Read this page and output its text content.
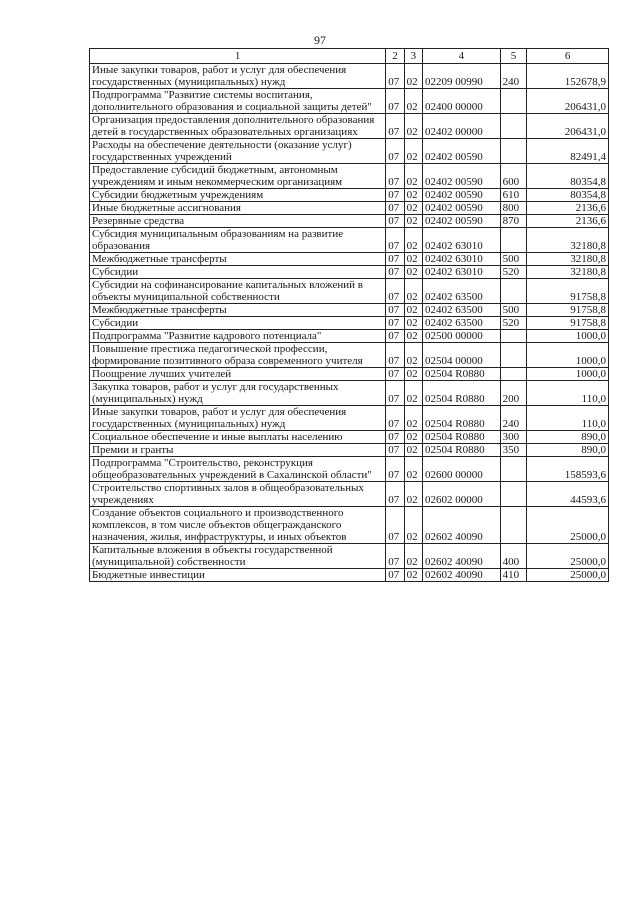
97
1	2	3	4	5	6
Иные закупки товаров, работ и услуг для обеспечения государственных (муниципальных) нужд	07	02	02209 00990	240	152678,9
Подпрограмма "Развитие системы воспитания, дополнительного образования и социальной защиты детей"	07	02	02400 00000		206431,0
Организация предоставления дополнительного образования детей в государственных образовательных организациях	07	02	02402 00000		206431,0
Расходы на обеспечение деятельности (оказание услуг) государственных учреждений	07	02	02402 00590		82491,4
Предоставление субсидий бюджетным, автономным учреждениям и иным некоммерческим организациям	07	02	02402 00590	600	80354,8
Субсидии бюджетным учреждениям	07	02	02402 00590	610	80354,8
Иные бюджетные ассигнования	07	02	02402 00590	800	2136,6
Резервные средства	07	02	02402 00590	870	2136,6
Субсидия муниципальным образованиям на развитие образования	07	02	02402 63010		32180,8
Межбюджетные трансферты	07	02	02402 63010	500	32180,8
Субсидии	07	02	02402 63010	520	32180,8
Субсидии на софинансирование капитальных вложений в объекты муниципальной собственности	07	02	02402 63500		91758,8
Межбюджетные трансферты	07	02	02402 63500	500	91758,8
Субсидии	07	02	02402 63500	520	91758,8
Подпрограмма "Развитие кадрового потенциала"	07	02	02500 00000		1000,0
Повышение престижа педагогической профессии, формирование позитивного образа современного учителя	07	02	02504 00000		1000,0
Поощрение лучших учителей	07	02	02504 R0880		1000,0
Закупка товаров, работ и услуг для государственных (муниципальных) нужд	07	02	02504 R0880	200	110,0
Иные закупки товаров, работ и услуг для обеспечения государственных (муниципальных) нужд	07	02	02504 R0880	240	110,0
Социальное обеспечение и иные выплаты населению	07	02	02504 R0880	300	890,0
Премии и гранты	07	02	02504 R0880	350	890,0
Подпрограмма "Строительство, реконструкция общеобразовательных учреждений в Сахалинской области"	07	02	02600 00000		158593,6
Строительство спортивных залов в общеобразовательных учреждениях	07	02	02602 00000		44593,6
Создание объектов социального и производственного комплексов, в том числе объектов общегражданского назначения, жилья, инфраструктуры, и иных объектов	07	02	02602 40090		25000,0
Капитальные вложения в объекты государственной (муниципальной) собственности	07	02	02602 40090	400	25000,0
Бюджетные инвестиции	07	02	02602 40090	410	25000,0
